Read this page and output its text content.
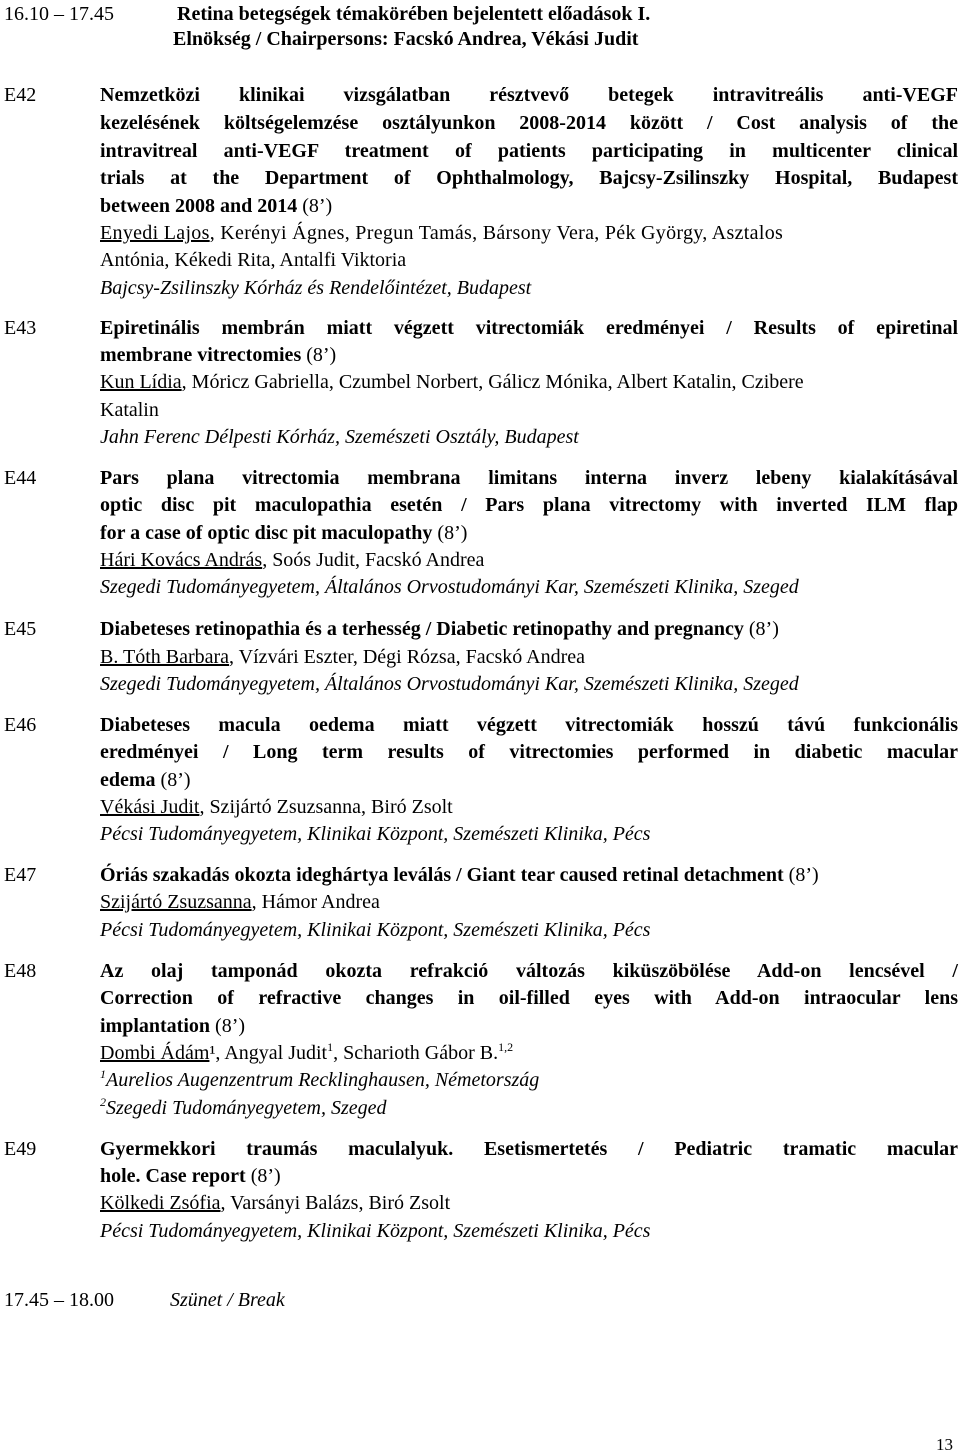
16.10 – 17.45	Retina betegségek témakörében bejelentett előadások I.
Elnökség / Chairpersons: Facskó Andrea, Vékási Judit
E42	Nemzetközi klinikai vizsgálatban résztvevő betegek intravitreális anti-VEGF
kezelésének költségelemzése osztályunkon 2008-2014 között / Cost analysis of the
intravitreal anti-VEGF treatment of patients participating in multicenter clinical
trials at the Department of Ophthalmology, Bajcsy-Zsilinszky Hospital, Budapest
between 2008 and 2014 (8’)
Enyedi Lajos, Kerényi Ágnes, Pregun Tamás, Bársony Vera, Pék György, Asztalos
Antónia, Kékedi Rita, Antalfi Viktoria
Bajcsy-Zsilinszky Kórház és Rendelőintézet, Budapest
E43	Epiretinális membrán miatt végzett vitrectomiák eredményei / Results of epiretinal
membrane vitrectomies (8’)
Kun Lídia, Móricz Gabriella, Czumbel Norbert, Gálicz Mónika, Albert Katalin, Czibere
Katalin
Jahn Ferenc Délpesti Kórház, Szemészeti Osztály, Budapest
E44	Pars plana vitrectomia membrana limitans interna inverz lebeny kialakításával
optic disc pit maculopathia esetén / Pars plana vitrectomy with inverted ILM flap
for a case of optic disc pit maculopathy (8’)
Hári Kovács András, Soós Judit, Facskó Andrea
Szegedi Tudományegyetem, Általános Orvostudományi Kar, Szemészeti Klinika, Szeged
E45	Diabeteses retinopathia és a terhesség / Diabetic retinopathy and pregnancy (8’)
B. Tóth Barbara, Vízvári Eszter, Dégi Rózsa, Facskó Andrea
Szegedi Tudományegyetem, Általános Orvostudományi Kar, Szemészeti Klinika, Szeged
E46	Diabeteses macula oedema miatt végzett vitrectomiák hosszú távú funkcionális
eredményei / Long term results of vitrectomies performed in diabetic macular
edema (8’)
Vékási Judit, Szijártó Zsuzsanna, Biró Zsolt
Pécsi Tudományegyetem, Klinikai Központ, Szemészeti Klinika, Pécs
E47	Óriás szakadás okozta ideghártya leválás / Giant tear caused retinal detachment (8’)
Szijártó Zsuzsanna, Hámor Andrea
Pécsi Tudományegyetem, Klinikai Központ, Szemészeti Klinika, Pécs
E48	Az olaj tamponád okozta refrakció változás kiküszöbölése Add-on lencsével /
Correction of refractive changes in oil-filled eyes with Add-on intraocular lens
implantation (8’)
Dombi Ádám¹, Angyal Judit$^1$, Scharioth Gábor B.$^{1,2}$
$^1$Aurelios Augenzentrum Recklinghausen, Németország
$^2$Szegedi Tudományegyetem, Szeged
E49	Gyermekkori traumás maculalyuk. Esetismertetés / Pediatric tramatic macular
hole. Case report (8’)
Kölkedi Zsófia, Varsányi Balázs, Biró Zsolt
Pécsi Tudományegyetem, Klinikai Központ, Szemészeti Klinika, Pécs
17.45 – 18.00	Szünet / Break
13
